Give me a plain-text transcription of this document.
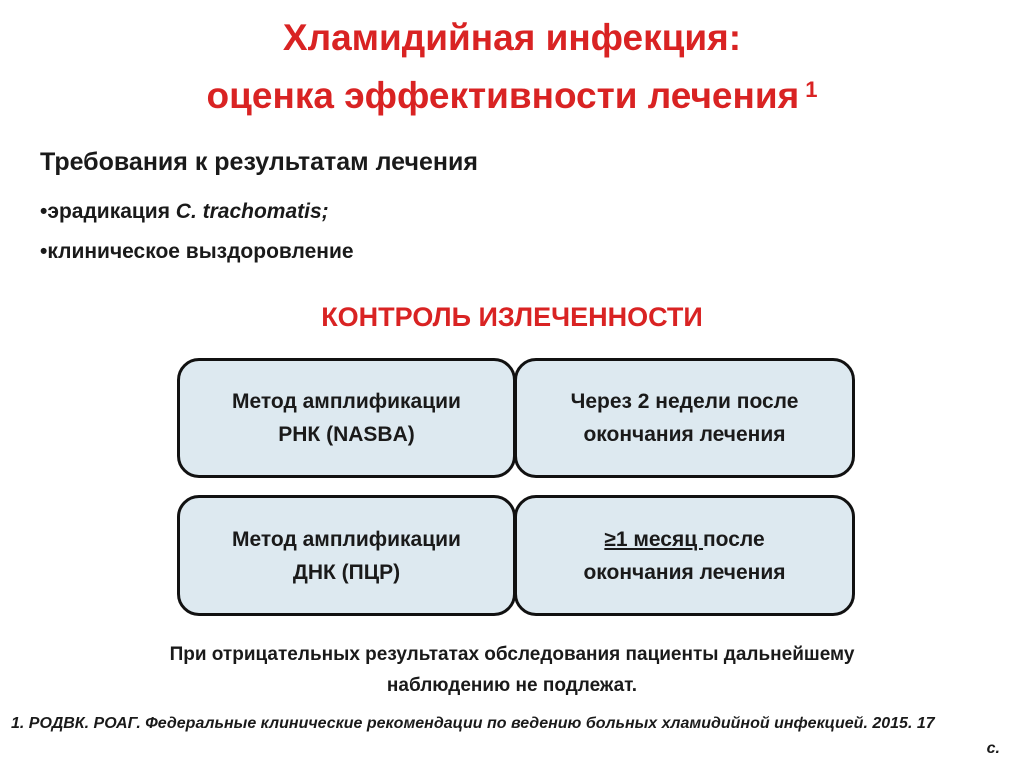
Хламидийная инфекция:
оценка эффективности лечения $^1$
Требования к результатам лечения
•эрадикация C. trachomatis;
•клиническое выздоровление
КОНТРОЛЬ ИЗЛЕЧЕННОСТИ
Метод амплификации
РНК (NASBA)
Через 2 недели после
окончания лечения
Метод амплификации
ДНК (ПЦР)
≥1 месяц после
окончания лечения
При отрицательных результатах обследования пациенты дальнейшему
наблюдению не подлежат.
1. РОДВК. РОАГ. Федеральные клинические рекомендации по ведению больных хламидийной инфекцией. 2015. 17
с.
